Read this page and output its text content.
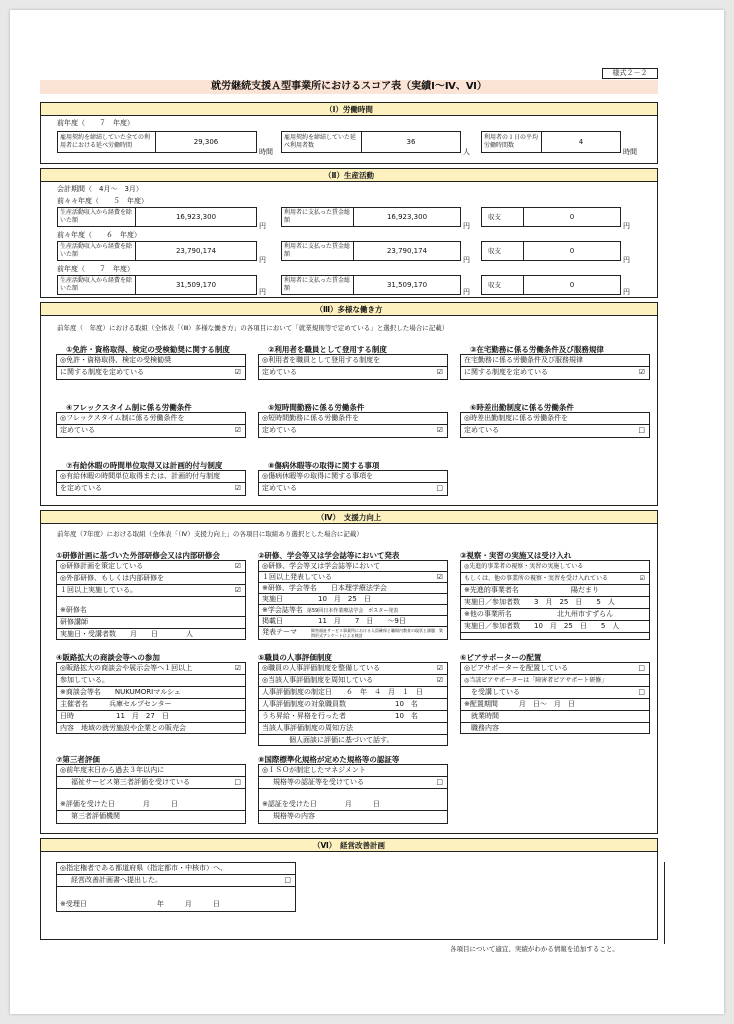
様式２－２
就労継続支援Ａ型事業所におけるスコア表（実績Ⅰ～Ⅳ、Ⅵ）
（Ⅰ）労働時間
前年度（　　７　年度）
雇用契約を締結していた全ての利用者における延べ労働時間	29,306
時間
雇用契約を締結していた延べ利用者数	36
人
利用者の１日の平均労働時間数	4
時間
（Ⅱ）生産活動
会計期間（　4月～　3月）
前々々年度（　　５　年度）
生産活動収入から経費を除いた額	16,923,300
円
利用者に支払った賃金総額	16,923,300
円
収支	0
円
前々年度（　　６　年度）
生産活動収入から経費を除いた額	23,790,174
円
利用者に支払った賃金総額	23,790,174
円
収支	0
円
前年度（　　７　年度）
生産活動収入から経費を除いた額	31,509,170
円
利用者に支払った賃金総額	31,509,170
円
収支	0
円
（Ⅲ）多様な働き方
前年度（　年度）における取組（全体表「（Ⅲ）多様な働き方」の各項目において「就業規則等で定めている」と選択した場合に記載）
（Ⅳ）　支援力向上
前年度（7年度）における取組（全体表「（Ⅳ）支援力向上」の各項目に取組あり選択とした場合に記載）
①研修計画に基づいた外部研修会又は内部研修会
◎研修計画を策定している	☑
◎外部研修、もしくは内部研修を
１回以上実施している。	☑
※研修名
研修講師
実施日・受講者数　　月　　日　　　　人
②研修、学会等又は学会誌等において発表
◎研修、学会等又は学会誌等において
１回以上発表している	☑
※研修、学会等名　　日本理学療法学会
実施日　　　　　10　月　25　日
※学会誌等名 第59回日本作業療法学会　ポスター発表
掲載日　　　　　11　月　　7　日　　～9日
発表テーマ	障害福祉サービス事業所における人員確保と職場内教育の現状と課題　質問形式アンケートによる検討
③視察・実習の実施又は受け入れ
◎先進的事業者の視察・実習の実施している
もしくは、他の事業所の視察・実習を受け入れている	☑
※先進的事業者名	陽だまり
実施日／参加者数　　3　月　25　日　　5　人
※他の事業所名	北九州市すずらん
実施日／参加者数　　10　月　25　日　　5　人
④販路拡大の商談会等への参加
◎販路拡大の商談会や展示会等へ１回以上	☑
参加している。
※商談会等名　　NUKUMORIマルシェ
主催者名　　　兵庫セルプセンター
日時　　　　　　11　月　27　日
内容　地域の就労施設や企業との販売会
⑤職員の人事評価制度
◎職員の人事評価制度を整備している	☑
◎当該人事評価制度を周知している	☑
人事評価制度の制定日　　６　年　４　月　１　日
人事評価制度の対象職員数　　　　　　　10　名
うち昇給・昇格を行った者　　　　　　　10　名
当該人事評価制度の周知方法
個人面談に評価に基づいて話す。
⑥ピアサポーターの配置
◎ピアサポーターを配置している	□
◎当該ピアサポーターは「障害者ピアサポート研修」
を受講している	□
※配置期間　　　月　日～　月　日
就業時間
職務内容
⑦第三者評価
◎前年度末日から過去３年以内に
福祉サービス第三者評価を受けている	□
※評価を受けた日　　　　月　　　日
第三者評価機関
⑧国際標準化規格が定めた規格等の認証等
◎ＩＳＯが制定したマネジメント
規格等の認証等を受けている	□
※認証を受けた日　　　　月　　　日
規格等の内容
（Ⅵ）　経営改善計画
◎指定権者である都道府県（指定都市・中核市）へ、
経営改善計画書へ提出した。	□
※受理日　　　　　　　　　　年　　　月　　　日
各項目について適宜、実績がわかる情報を追加すること。
①免許・資格取得、検定の受検勧奨に関する制度
◎免許・資格取得、検定の受検勧奨
に関する制度を定めている	☑
②利用者を職員として登用する制度
◎利用者を職員として登用する制度を
定めている	☑
③在宅勤務に係る労働条件及び服務規律
在宅勤務に係る労働条件及び服務規律
に関する制度を定めている	☑
④フレックスタイム制に係る労働条件
◎フレックスタイム制に係る労働条件を
定めている	☑
⑤短時間勤務に係る労働条件
◎短時間勤務に係る労働条件を
定めている	☑
⑥時差出勤制度に係る労働条件
◎時差出勤制度に係る労働条件を
定めている	□
⑦有給休暇の時間単位取得又は計画的付与制度
◎有給休暇の時間単位取得または、計画的付与制度
を定めている	☑
⑧傷病休暇等の取得に関する事項
◎傷病休暇等の取得に関する事項を
定めている	□
